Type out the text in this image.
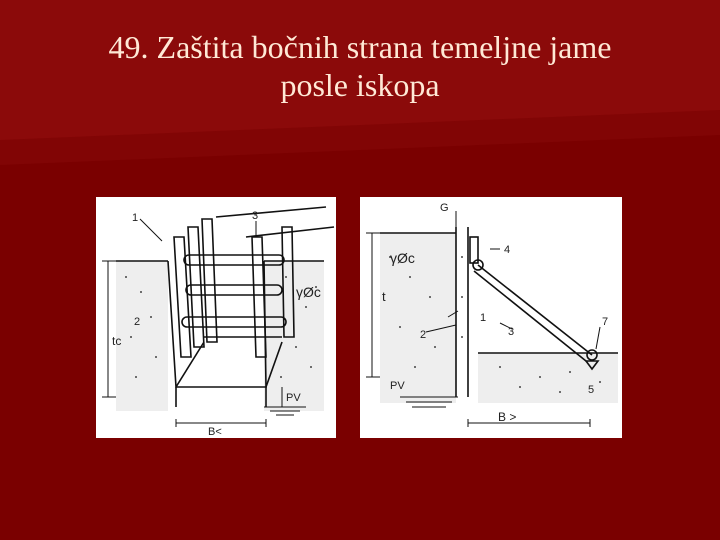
49. Zaštita bočnih strana temeljne jame
posle iskopa
1
2
3
tc
γØc
PV
B<
G
γØc	4
t
1
2	3
7
5
PV
B >
